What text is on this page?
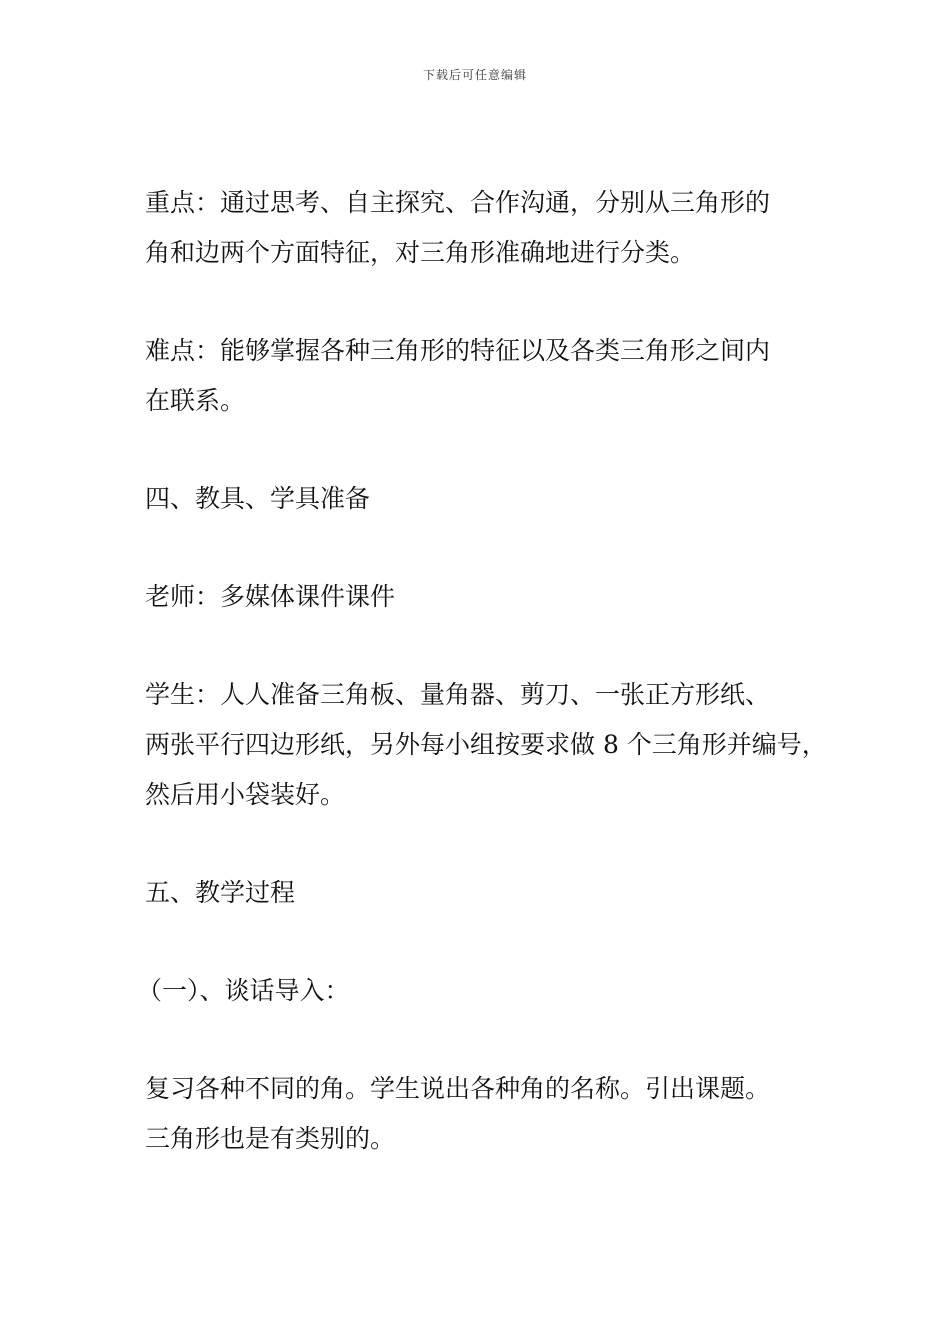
下载后可任意编辑

重点：通过思考、自主探究、合作沟通，分别从三角形的

角和边两个方面特征，对三角形准确地进行分类。

难点：能够掌握各种三角形的特征以及各类三角形之间内

在联系。

四、教具、学具准备

老师：多媒体课件课件

学生：人人准备三角板、量角器、剪刀、一张正方形纸、

两张平行四边形纸，另外每小组按要求做 8 个三角形并编号，

然后用小袋装好。

五、教学过程

（一）、谈话导入：

复习各种不同的角。学生说出各种角的名称。引出课题。

三角形也是有类别的。
